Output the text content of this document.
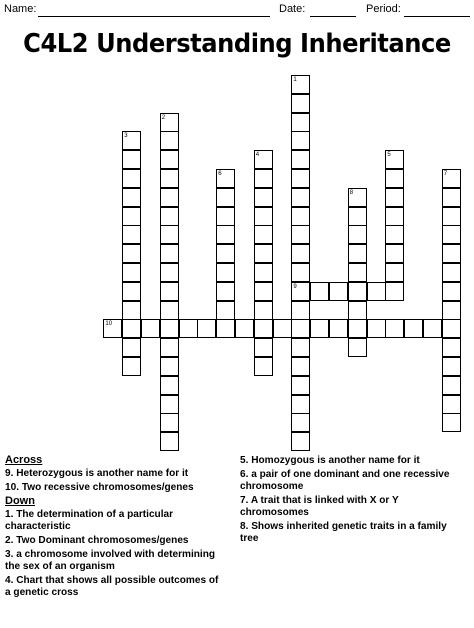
Name:	Date:	Period:
C4L2 Understanding Inheritance
1
2
3
4	5
6	7
8
9
10
Across
9. Heterozygous is another name for it
10. Two recessive chromosomes/genes
Down
1. The determination of a particular characteristic
2. Two Dominant chromosomes/genes
3. a chromosome involved with determining the sex of an organism
4. Chart that shows all possible outcomes of a genetic cross
5. Homozygous is another name for it
6. a pair of one dominant and one recessive chromosome
7. A trait that is linked with X or Y chromosomes
8. Shows inherited genetic traits in a family tree
